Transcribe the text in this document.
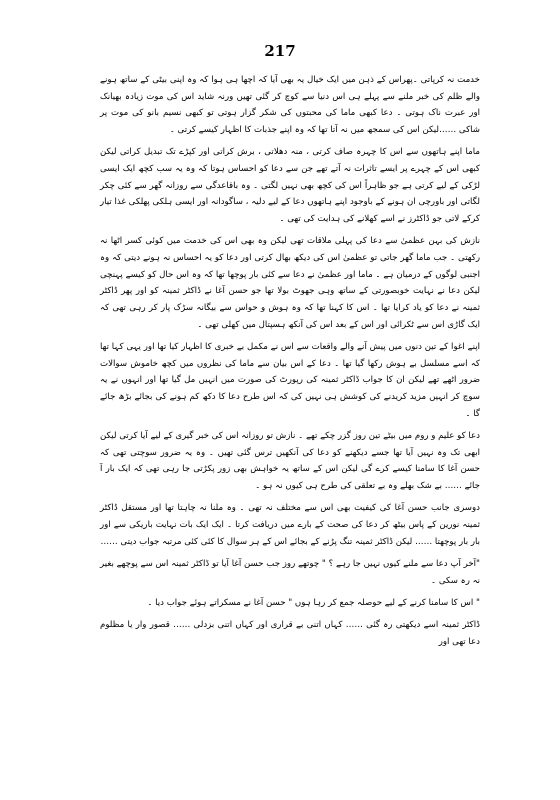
217

خدمت نہ کرپاتی ۔پھراس کے ذہن میں ایک خیال یہ بھی آیا کہ اچھا ہی ہوا کہ وہ اپنی بیٹی کے ساتھ ہونے والے ظلم کی خبر ملنے سے پہلے ہی اس دنیا سے کوچ کر گئی تھیں ورنہ شاید اس کی موت زیادہ بھیانک اور عبرت ناک ہوتی ۔ دعا کبھی ماما کی محبتوں کی شکر گزار ہوتی تو کبھی نسیم بانو کی موت پر شاکی ……لیکن اس کی سمجھ میں نہ آتا تھا کہ وہ اپنے جذبات کا اظہار کیسے کرتی ۔

ماما اپنے ہاتھوں سے اس کا چہرہ صاف کرتی ، منہ دھلاتی ، برش کراتی اور کپڑے تک تبدیل کراتی لیکن کبھی اس کے چہرے پر ایسے تاثرات نہ آتے تھے جن سے دعا کو احساس ہوتا کہ وہ یہ سب کچھ ایک ایسی لڑکی کے لیے کرتی ہے جو ظاہراً اس کی کچھ بھی نہیں لگتی ۔ وہ باقاعدگی سے روزانہ گھر سے کئی چکر لگاتی اور باورچی ان ہونے کے باوجود اپنے ہاتھوں دعا کے لیے دلیہ ، ساگودانہ اور ایسی ہلکی پھلکی غذا تیار کرکے لاتی جو ڈاکٹرز نے اسے کھلانے کی ہدایت کی تھی ۔

نازش کی بہن عظمیٰ سے دعا کی پہلی ملاقات تھی لیکن وہ بھی اس کی خدمت میں کوئی کسر اٹھا نہ رکھتی ۔ جب ماما گھر جاتی تو عظمیٰ اس کی دیکھ بھال کرتی اور دعا کو یہ احساس نہ ہونے دیتی کہ وہ اجنبی لوگوں کے درمیان ہے ۔ ماما اور عظمیٰ نے دعا سے کئی بار پوچھا تھا کہ وہ اس حال کو کیسے پہنچی لیکن دعا نے نہایت خوبصورتی کے ساتھ وہی جھوٹ بولا تھا جو حسن آغا نے ڈاکٹر ثمینہ کو اور پھر ڈاکٹر ثمینہ نے دعا کو یاد کرایا تھا ۔ اس کا کہنا تھا کہ وہ ہوش و حواس سے بیگانہ سڑک پار کر رہی تھی کہ ایک گاڑی اس سے ٹکرائی اور اس کے بعد اس کی آنکھ ہسپتال میں کھلی تھی ۔

اپنے اغوا کے تین دنوں میں پیش آنے والے واقعات سے اس نے مکمل بے خبری کا اظہار کیا تھا اور یہی کہا تھا کہ اسے مسلسل بے ہوش رکھا گیا تھا ۔ دعا کے اس بیان سے ماما کی نظروں میں کچھ خاموش سوالات ضرور اٹھے تھے لیکن ان کا جواب ڈاکٹر ثمینہ کی رپورٹ کی صورت میں انہیں مل گیا تھا اور انہوں نے یہ سوچ کر انہیں مزید کریدنے کی کوشش ہی نہیں کی کہ اس طرح دعا کا دکھ کم ہونے کی بجائے بڑھ جائے گا ۔

دعا کو علیم و روم میں بیٹے تین روز گزر چکے تھے ۔ نازش تو روزانہ اس کی خبر گیری کے لیے آیا کرتی لیکن ابھی تک وہ نہیں آیا تھا جسے دیکھنے کو دعا کی آنکھیں ترس گئی تھیں ۔ وہ یہ ضرور سوچتی تھی کہ حسن آغا کا سامنا کیسے کرے گی لیکن اس کے ساتھ یہ خواہش بھی زور پکڑتی جا رہی تھی کہ ایک بار آ جائے …… بے شک بھلے وہ بے تعلقی کی طرح ہی کیوں نہ ہو ۔

دوسری جانب حسن آغا کی کیفیت بھی اس سے مختلف نہ تھی ۔ وہ ملنا نہ چاہتا تھا اور مستقل ڈاکٹر ثمینہ نورین کے پاس بیٹھ کر دعا کی صحت کے بارے میں دریافت کرتا ۔ ایک ایک بات نہایت باریکی سے اور بار بار پوچھتا …… لیکن ڈاکٹر ثمینہ تنگ پڑنے کے بجائے اس کے ہر سوال کا کئی کئی مرتبہ جواب دیتی ……

"آخر آپ دعا سے ملنے کیوں نہیں جا رہے ؟ " چوتھے روز جب حسن آغا آیا تو ڈاکٹر ثمینہ اس سے پوچھے بغیر نہ رہ سکی ۔

" اس کا سامنا کرنے کے لیے حوصلہ جمع کر رہا ہوں " حسن آغا نے مسکراتے ہوئے جواب دیا ۔

ڈاکٹر ثمینہ اسے دیکھتی رہ گئی …… کہاں اتنی بے قراری اور کہاں اتنی بزدلی …… قصور وار یا مظلوم دعا تھی اور
